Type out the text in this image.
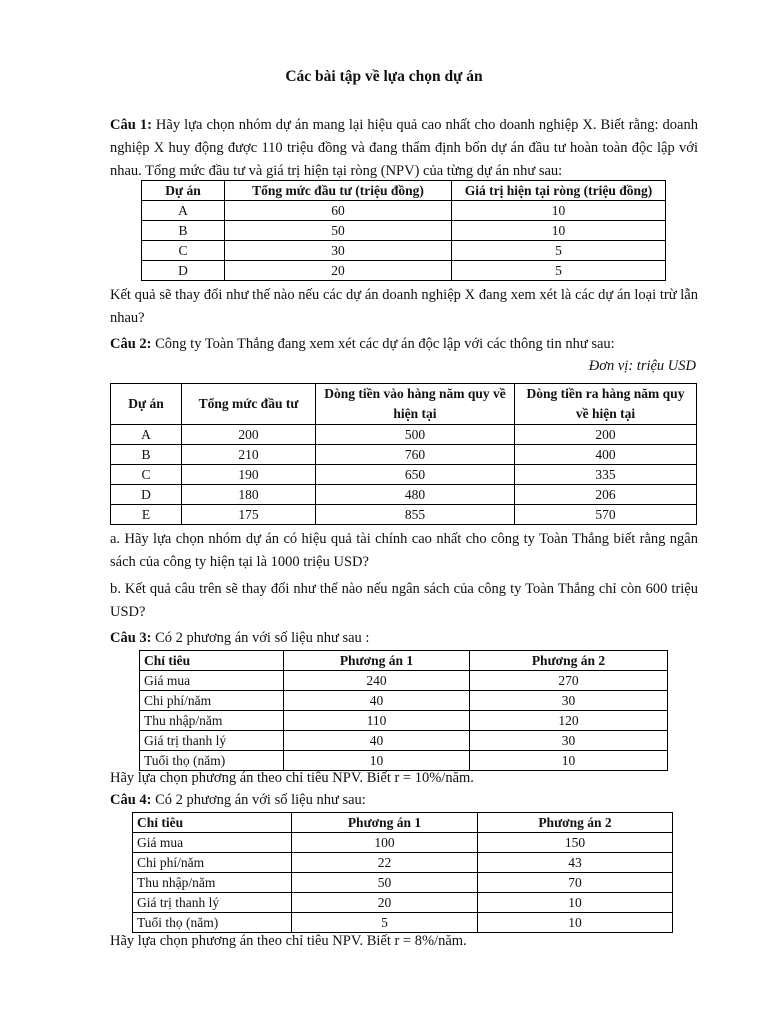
Các bài tập về lựa chọn dự án
Câu 1: Hãy lựa chọn nhóm dự án mang lại hiệu quả cao nhất cho doanh nghiệp X. Biết rằng: doanh nghiệp X huy động được 110 triệu đồng và đang thẩm định bốn dự án đầu tư hoàn toàn độc lập với nhau. Tổng mức đầu tư và giá trị hiện tại ròng (NPV) của từng dự án như sau:
Dự án	Tổng mức đầu tư (triệu đồng)	Giá trị hiện tại ròng (triệu đồng)
A	60	10
B	50	10
C	30	5
D	20	5
Kết quả sẽ thay đổi như thế nào nếu các dự án doanh nghiệp X đang xem xét là các dự án loại trừ lẫn nhau?
Câu 2: Công ty Toàn Thắng đang xem xét các dự án độc lập với các thông tin như sau:
Đơn vị: triệu USD
Dự án	Tổng mức đầu tư	Dòng tiền vào hàng năm quy về hiện tại	Dòng tiền ra hàng năm quy về hiện tại
A	200	500	200
B	210	760	400
C	190	650	335
D	180	480	206
E	175	855	570
a. Hãy lựa chọn nhóm dự án có hiệu quả tài chính cao nhất cho công ty Toàn Thắng biết rằng ngân sách của công ty hiện tại là 1000 triệu USD?
b. Kết quả câu trên sẽ thay đổi như thế nào nếu ngân sách của công ty Toàn Thắng chỉ còn 600 triệu USD?
Câu 3: Có 2 phương án với số liệu như sau :
Chỉ tiêu	Phương án 1	Phương án 2
Giá mua	240	270
Chi phí/năm	40	30
Thu nhập/năm	110	120
Giá trị thanh lý	40	30
Tuổi thọ (năm)	10	10
Hãy lựa chọn phương án theo chỉ tiêu NPV. Biết r = 10%/năm.
Câu 4: Có 2 phương án với số liệu như sau:
Chỉ tiêu	Phương án 1	Phương án 2
Giá mua	100	150
Chi phí/năm	22	43
Thu nhập/năm	50	70
Giá trị thanh lý	20	10
Tuổi thọ (năm)	5	10
Hãy lựa chọn phương án theo chỉ tiêu NPV. Biết r = 8%/năm.
